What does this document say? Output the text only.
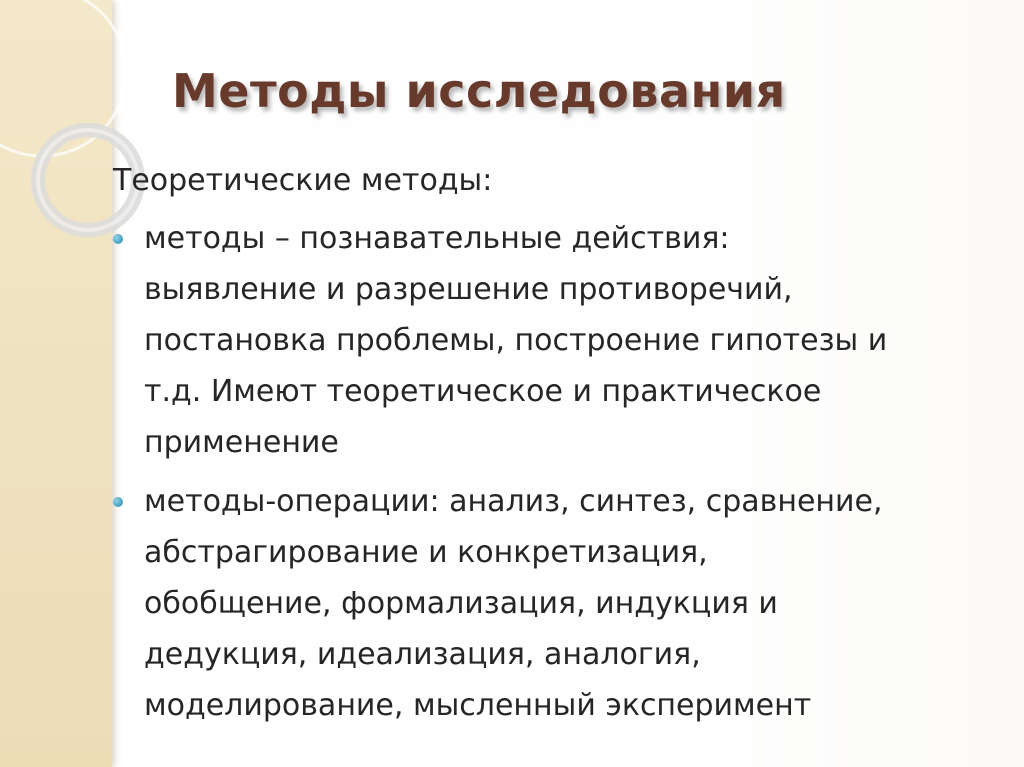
Методы исследования

Теоретические методы:

методы – познавательные действия:
выявление и разрешение противоречий,
постановка проблемы, построение гипотезы и
т.д. Имеют теоретическое и практическое
применение
методы-операции: анализ, синтез, сравнение,
абстрагирование и конкретизация,
обобщение, формализация, индукция и
дедукция, идеализация, аналогия,
моделирование, мысленный эксперимент
